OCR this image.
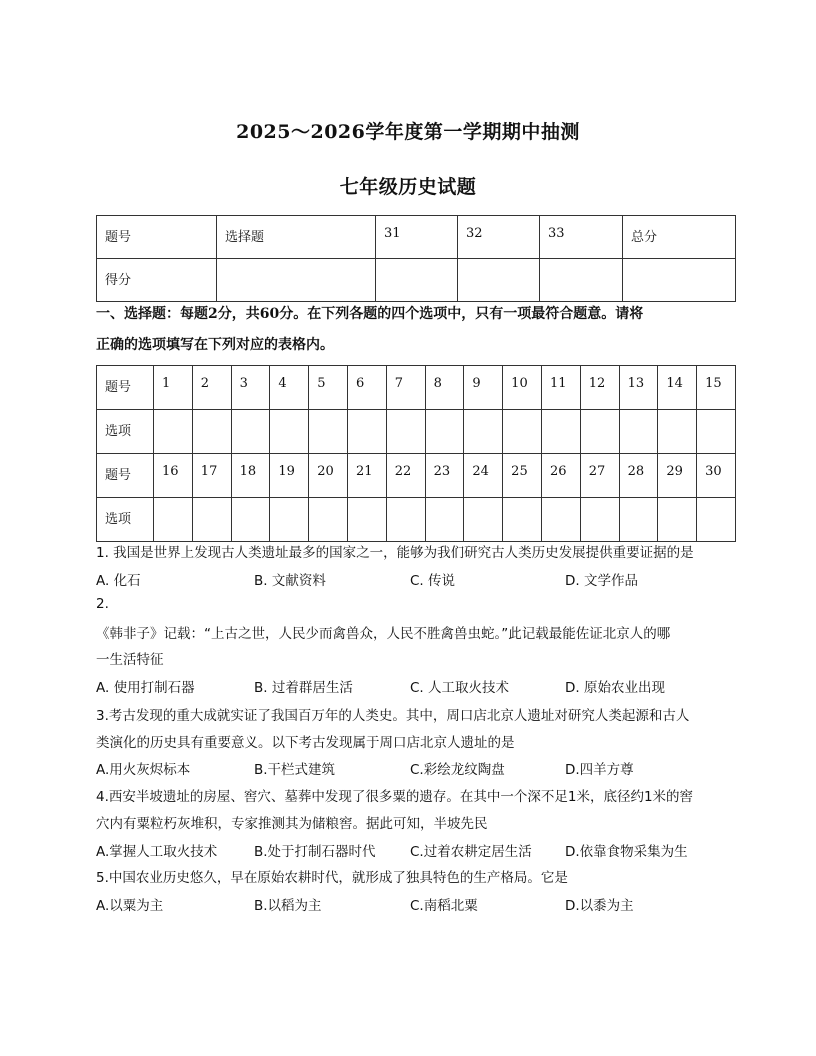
2025～2026学年度第一学期期中抽测
七年级历史试题
题号	选择题	31	32	33	总分
得分					
一、选择题：每题2分，共60分。在下列各题的四个选项中，只有一项最符合题意。请将
正确的选项填写在下列对应的表格内。
题号	1	2	3	4	5	6	7	8	9	10	11	12	13	14	15
选项															
题号	16	17	18	19	20	21	22	23	24	25	26	27	28	29	30
选项															
1. 我国是世界上发现古人类遗址最多的国家之一，能够为我们研究古人类历史发展提供重要证据的是
A. 化石	B. 文献资料	C. 传说	D. 文学作品
2.
《韩非子》记载：“上古之世，人民少而禽兽众，人民不胜禽兽虫蛇。”此记载最能佐证北京人的哪
一生活特征
A. 使用打制石器	B. 过着群居生活	C. 人工取火技术	D. 原始农业出现
3.考古发现的重大成就实证了我国百万年的人类史。其中，周口店北京人遗址对研究人类起源和古人
类演化的历史具有重要意义。以下考古发现属于周口店北京人遗址的是
A.用火灰烬标本	B.干栏式建筑	C.彩绘龙纹陶盘	D.四羊方尊
4.西安半坡遗址的房屋、窖穴、墓葬中发现了很多粟的遗存。在其中一个深不足1米，底径约1米的窖
穴内有粟粒朽灰堆积，专家推测其为储粮窖。据此可知，半坡先民
A.掌握人工取火技术	B.处于打制石器时代	C.过着农耕定居生活 D.依靠食物采集为生
5.中国农业历史悠久，早在原始农耕时代，就形成了独具特色的生产格局。它是
A.以粟为主	B.以稻为主	C.南稻北粟	D.以黍为主
